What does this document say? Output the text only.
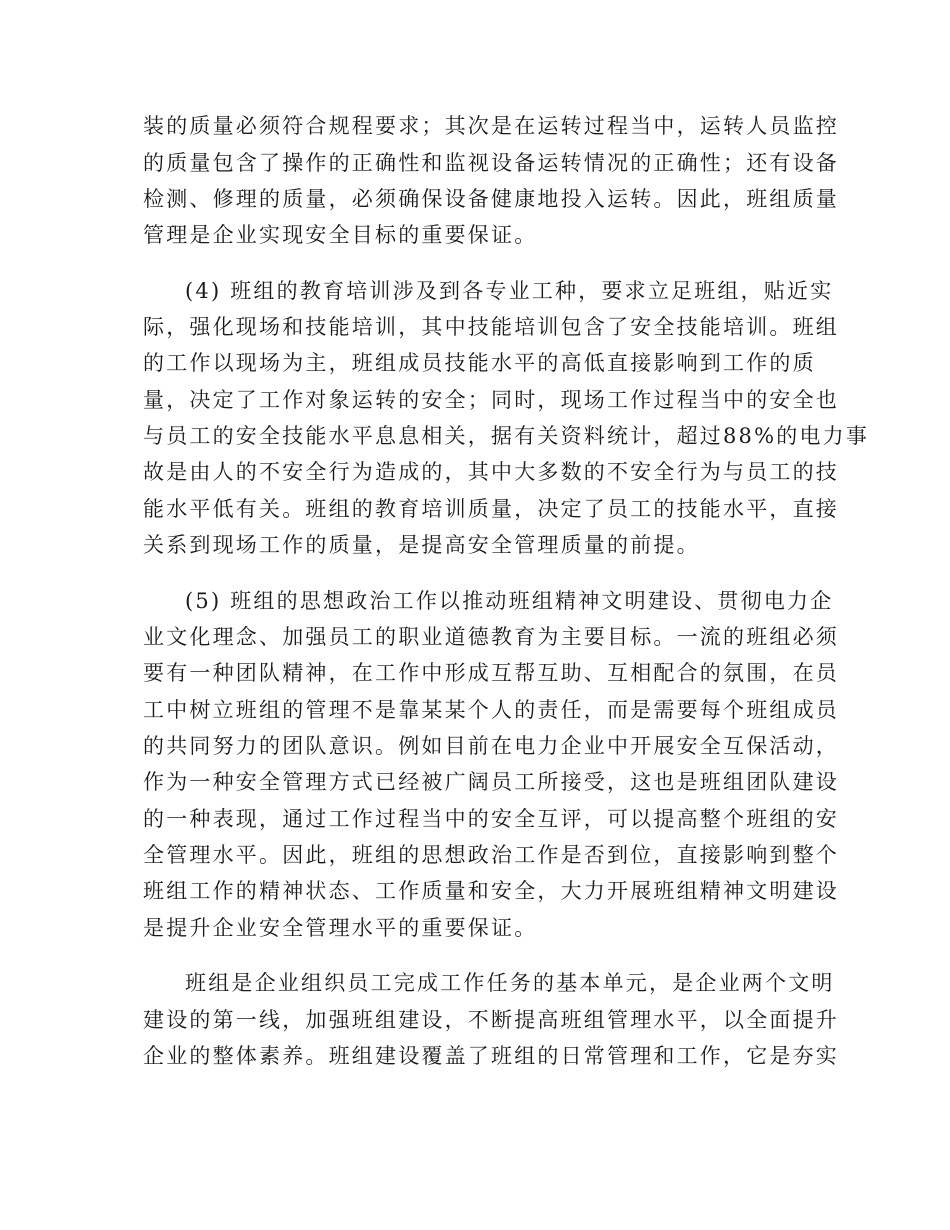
装的质量必须符合规程要求；其次是在运转过程当中，运转人员监控

的质量包含了操作的正确性和监视设备运转情况的正确性；还有设备

检测、修理的质量，必须确保设备健康地投入运转。因此，班组质量

管理是企业实现安全目标的重要保证。

(4) 班组的教育培训涉及到各专业工种，要求立足班组，贴近实

际，强化现场和技能培训，其中技能培训包含了安全技能培训。班组

的工作以现场为主，班组成员技能水平的高低直接影响到工作的质

量，决定了工作对象运转的安全；同时，现场工作过程当中的安全也

与员工的安全技能水平息息相关，据有关资料统计，超过88%的电力事

故是由人的不安全行为造成的，其中大多数的不安全行为与员工的技

能水平低有关。班组的教育培训质量，决定了员工的技能水平，直接

关系到现场工作的质量，是提高安全管理质量的前提。

(5) 班组的思想政治工作以推动班组精神文明建设、贯彻电力企

业文化理念、加强员工的职业道德教育为主要目标。一流的班组必须

要有一种团队精神，在工作中形成互帮互助、互相配合的氛围，在员

工中树立班组的管理不是靠某某个人的责任，而是需要每个班组成员

的共同努力的团队意识。例如目前在电力企业中开展安全互保活动，

作为一种安全管理方式已经被广阔员工所接受，这也是班组团队建设

的一种表现，通过工作过程当中的安全互评，可以提高整个班组的安

全管理水平。因此，班组的思想政治工作是否到位，直接影响到整个

班组工作的精神状态、工作质量和安全，大力开展班组精神文明建设

是提升企业安全管理水平的重要保证。

班组是企业组织员工完成工作任务的基本单元，是企业两个文明

建设的第一线，加强班组建设，不断提高班组管理水平，以全面提升

企业的整体素养。班组建设覆盖了班组的日常管理和工作，它是夯实
